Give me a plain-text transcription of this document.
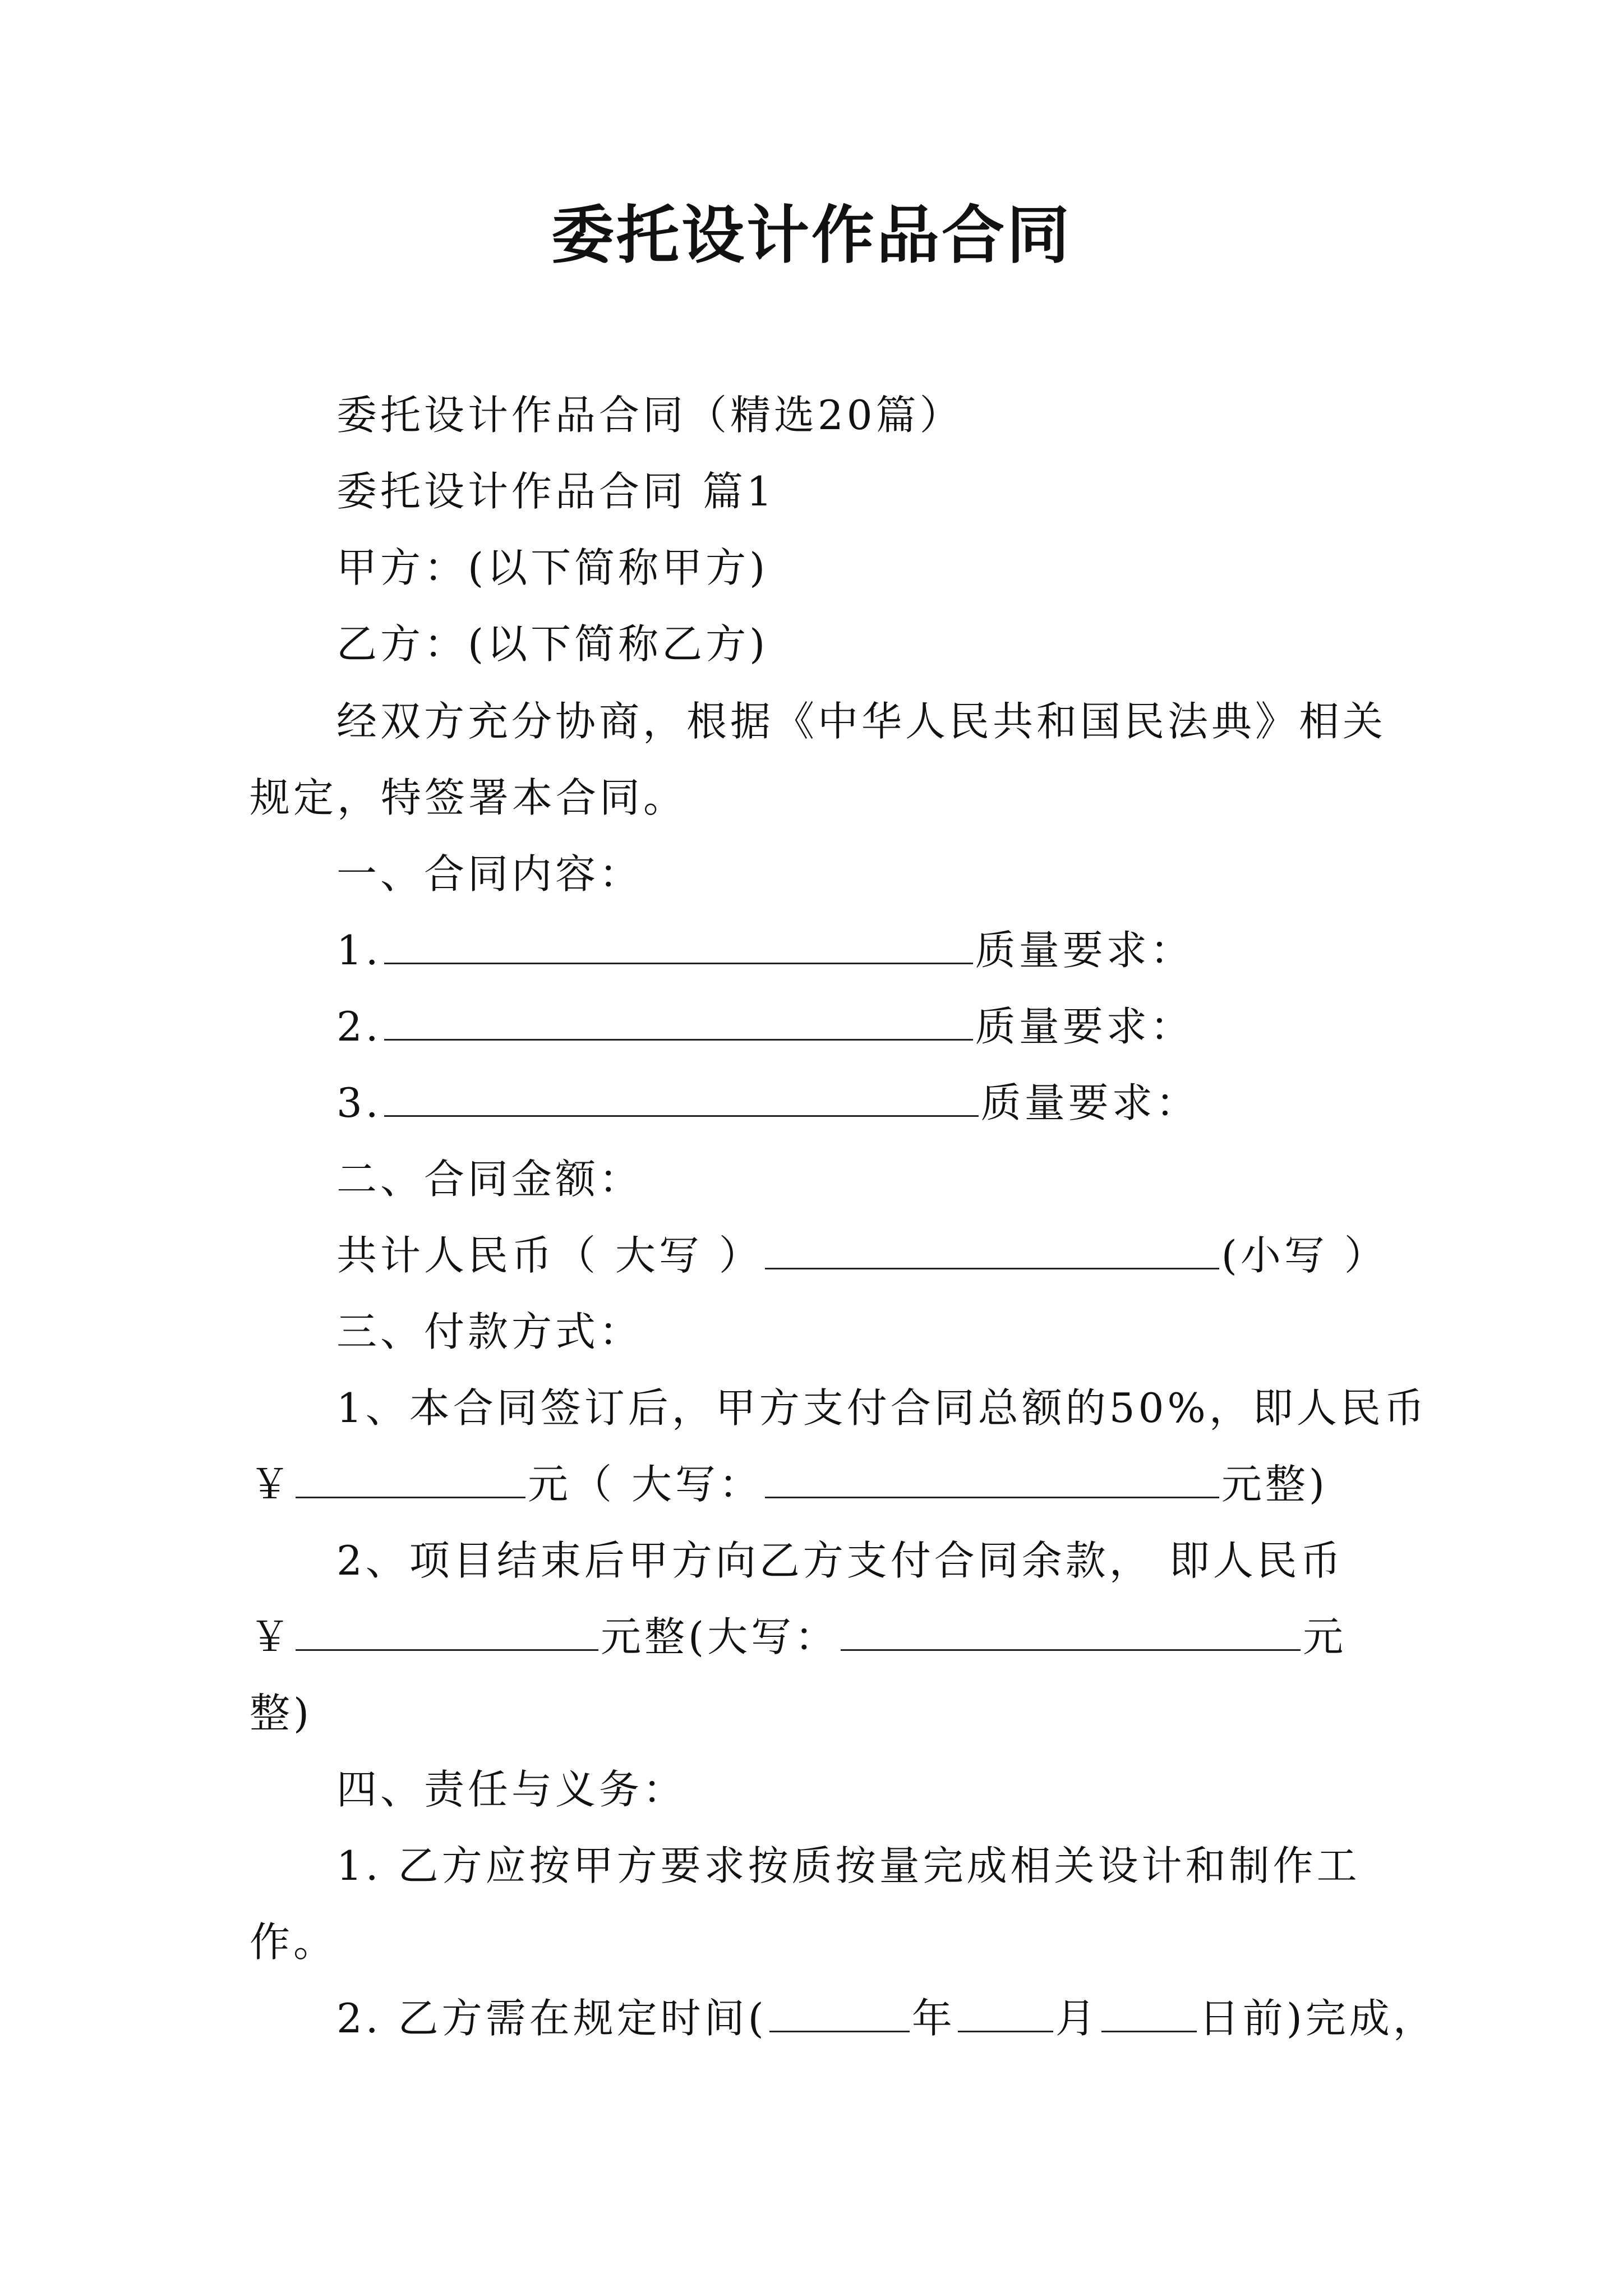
委托设计作品合同
委托设计作品合同（精选20篇）
委托设计作品合同 篇1
甲方：(以下简称甲方)
乙方：(以下简称乙方)
经双方充分协商，根据《中华人民共和国民法典》相关
规定，特签署本合同。
一、合同内容：
1.	质量要求：
2.	质量要求：
3.	质量要求：
二、合同金额：
共计人民币（ 大写 ）	(小写 ）
三、付款方式：
1、本合同签订后，甲方支付合同总额的50%，即人民币
￥	元（ 大写：	元整)
2、项目结束后甲方向乙方支付合同余款， 即人民币
￥	元整(大写：	元
整)
四、责任与义务：
1. 乙方应按甲方要求按质按量完成相关设计和制作工
作。
2. 乙方需在规定时间(	年 月 日前)完成，
